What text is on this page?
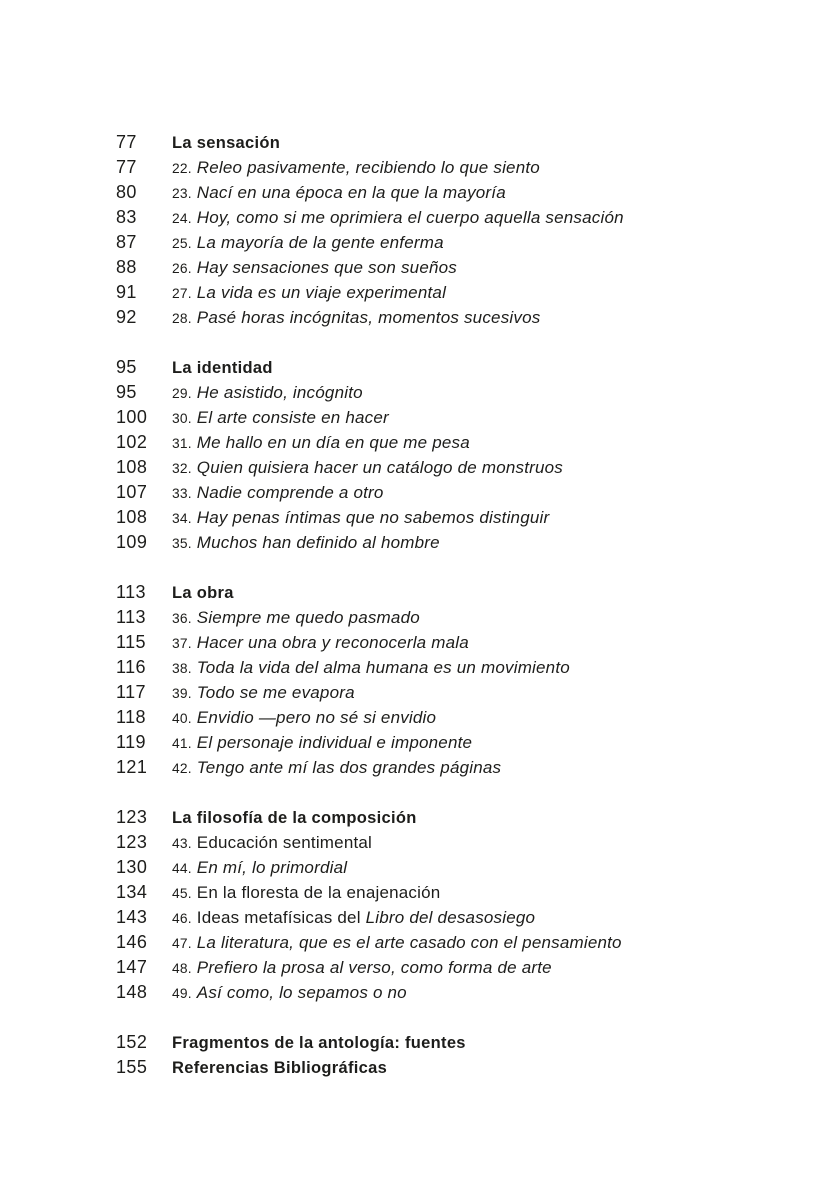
77	La sensación
77	22. Releo pasivamente, recibiendo lo que siento
80	23. Nací en una época en la que la mayoría
83	24. Hoy, como si me oprimiera el cuerpo aquella sensación
87	25. La mayoría de la gente enferma
88	26. Hay sensaciones que son sueños
91	27. La vida es un viaje experimental
92	28. Pasé horas incógnitas, momentos sucesivos
95	La identidad
95	29. He asistido, incógnito
100	30. El arte consiste en hacer
102	31. Me hallo en un día en que me pesa
108	32. Quien quisiera hacer un catálogo de monstruos
107	33. Nadie comprende a otro
108	34. Hay penas íntimas que no sabemos distinguir
109	35. Muchos han definido al hombre
113	La obra
113	36. Siempre me quedo pasmado
115	37. Hacer una obra y reconocerla mala
116	38. Toda la vida del alma humana es un movimiento
117	39. Todo se me evapora
118	40. Envidio —pero no sé si envidio
119	41. El personaje individual e imponente
121	42. Tengo ante mí las dos grandes páginas
123	La filosofía de la composición
123	43. Educación sentimental
130	44. En mí, lo primordial
134	45. En la floresta de la enajenación
143	46. Ideas metafísicas del Libro del desasosiego
146	47. La literatura, que es el arte casado con el pensamiento
147	48. Prefiero la prosa al verso, como forma de arte
148	49. Así como, lo sepamos o no
152	Fragmentos de la antología: fuentes
155	Referencias Bibliográficas
